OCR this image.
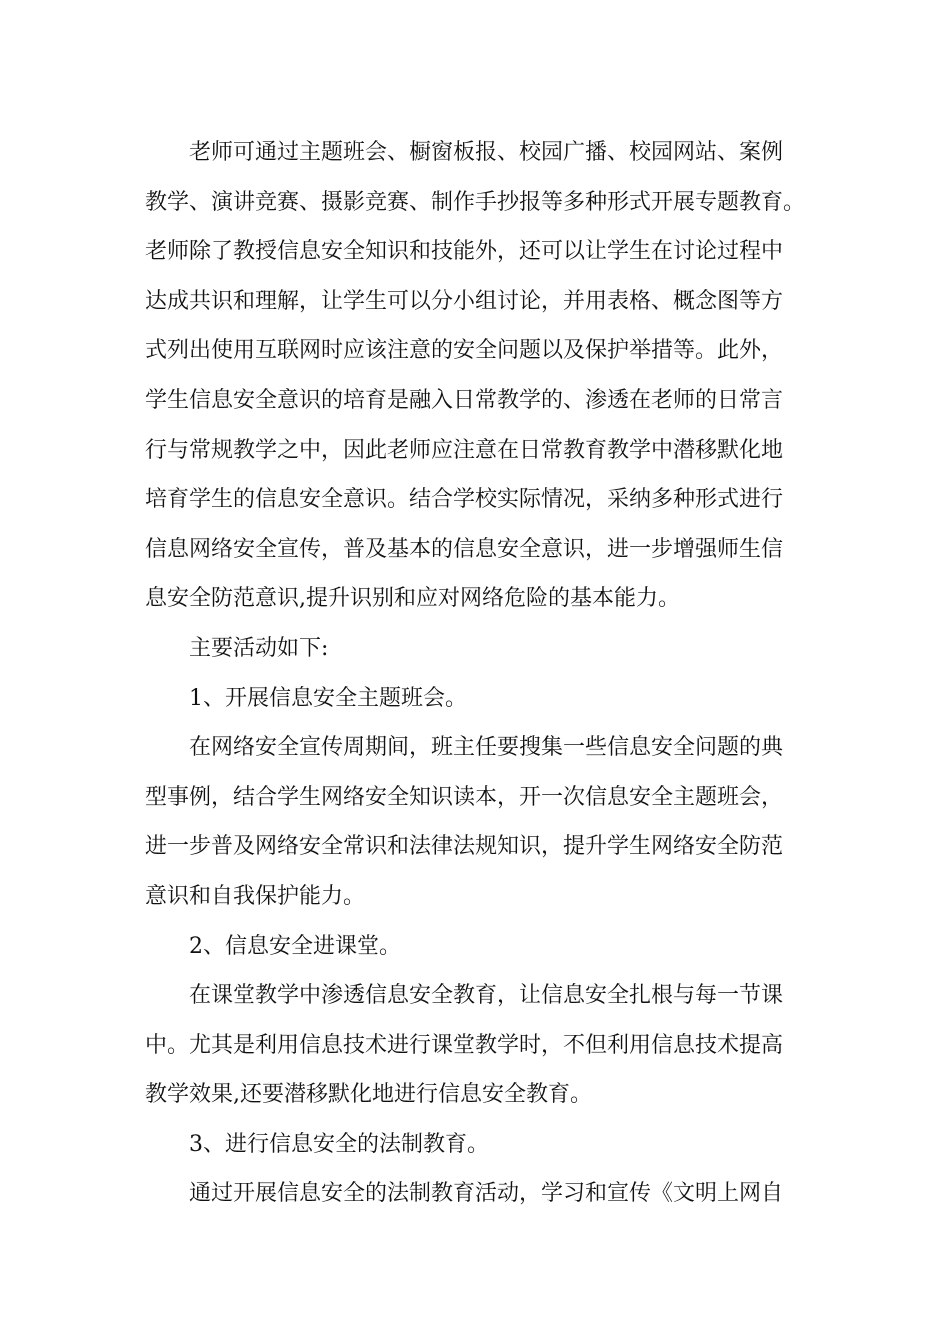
老师可通过主题班会、橱窗板报、校园广播、校园网站、案例
教学、演讲竞赛、摄影竞赛、制作手抄报等多种形式开展专题教育。
老师除了教授信息安全知识和技能外，还可以让学生在讨论过程中
达成共识和理解，让学生可以分小组讨论，并用表格、概念图等方
式列出使用互联网时应该注意的安全问题以及保护举措等。此外，
学生信息安全意识的培育是融入日常教学的、渗透在老师的日常言
行与常规教学之中，因此老师应注意在日常教育教学中潜移默化地
培育学生的信息安全意识。结合学校实际情况，采纳多种形式进行
信息网络安全宣传，普及基本的信息安全意识，进一步增强师生信
息安全防范意识,提升识别和应对网络危险的基本能力。
主要活动如下:
1、开展信息安全主题班会。
在网络安全宣传周期间，班主任要搜集一些信息安全问题的典
型事例，结合学生网络安全知识读本，开一次信息安全主题班会，
进一步普及网络安全常识和法律法规知识，提升学生网络安全防范
意识和自我保护能力。
2、信息安全进课堂。
在课堂教学中渗透信息安全教育，让信息安全扎根与每一节课
中。尤其是利用信息技术进行课堂教学时，不但利用信息技术提高
教学效果,还要潜移默化地进行信息安全教育。
3、进行信息安全的法制教育。
通过开展信息安全的法制教育活动，学习和宣传《文明上网自
